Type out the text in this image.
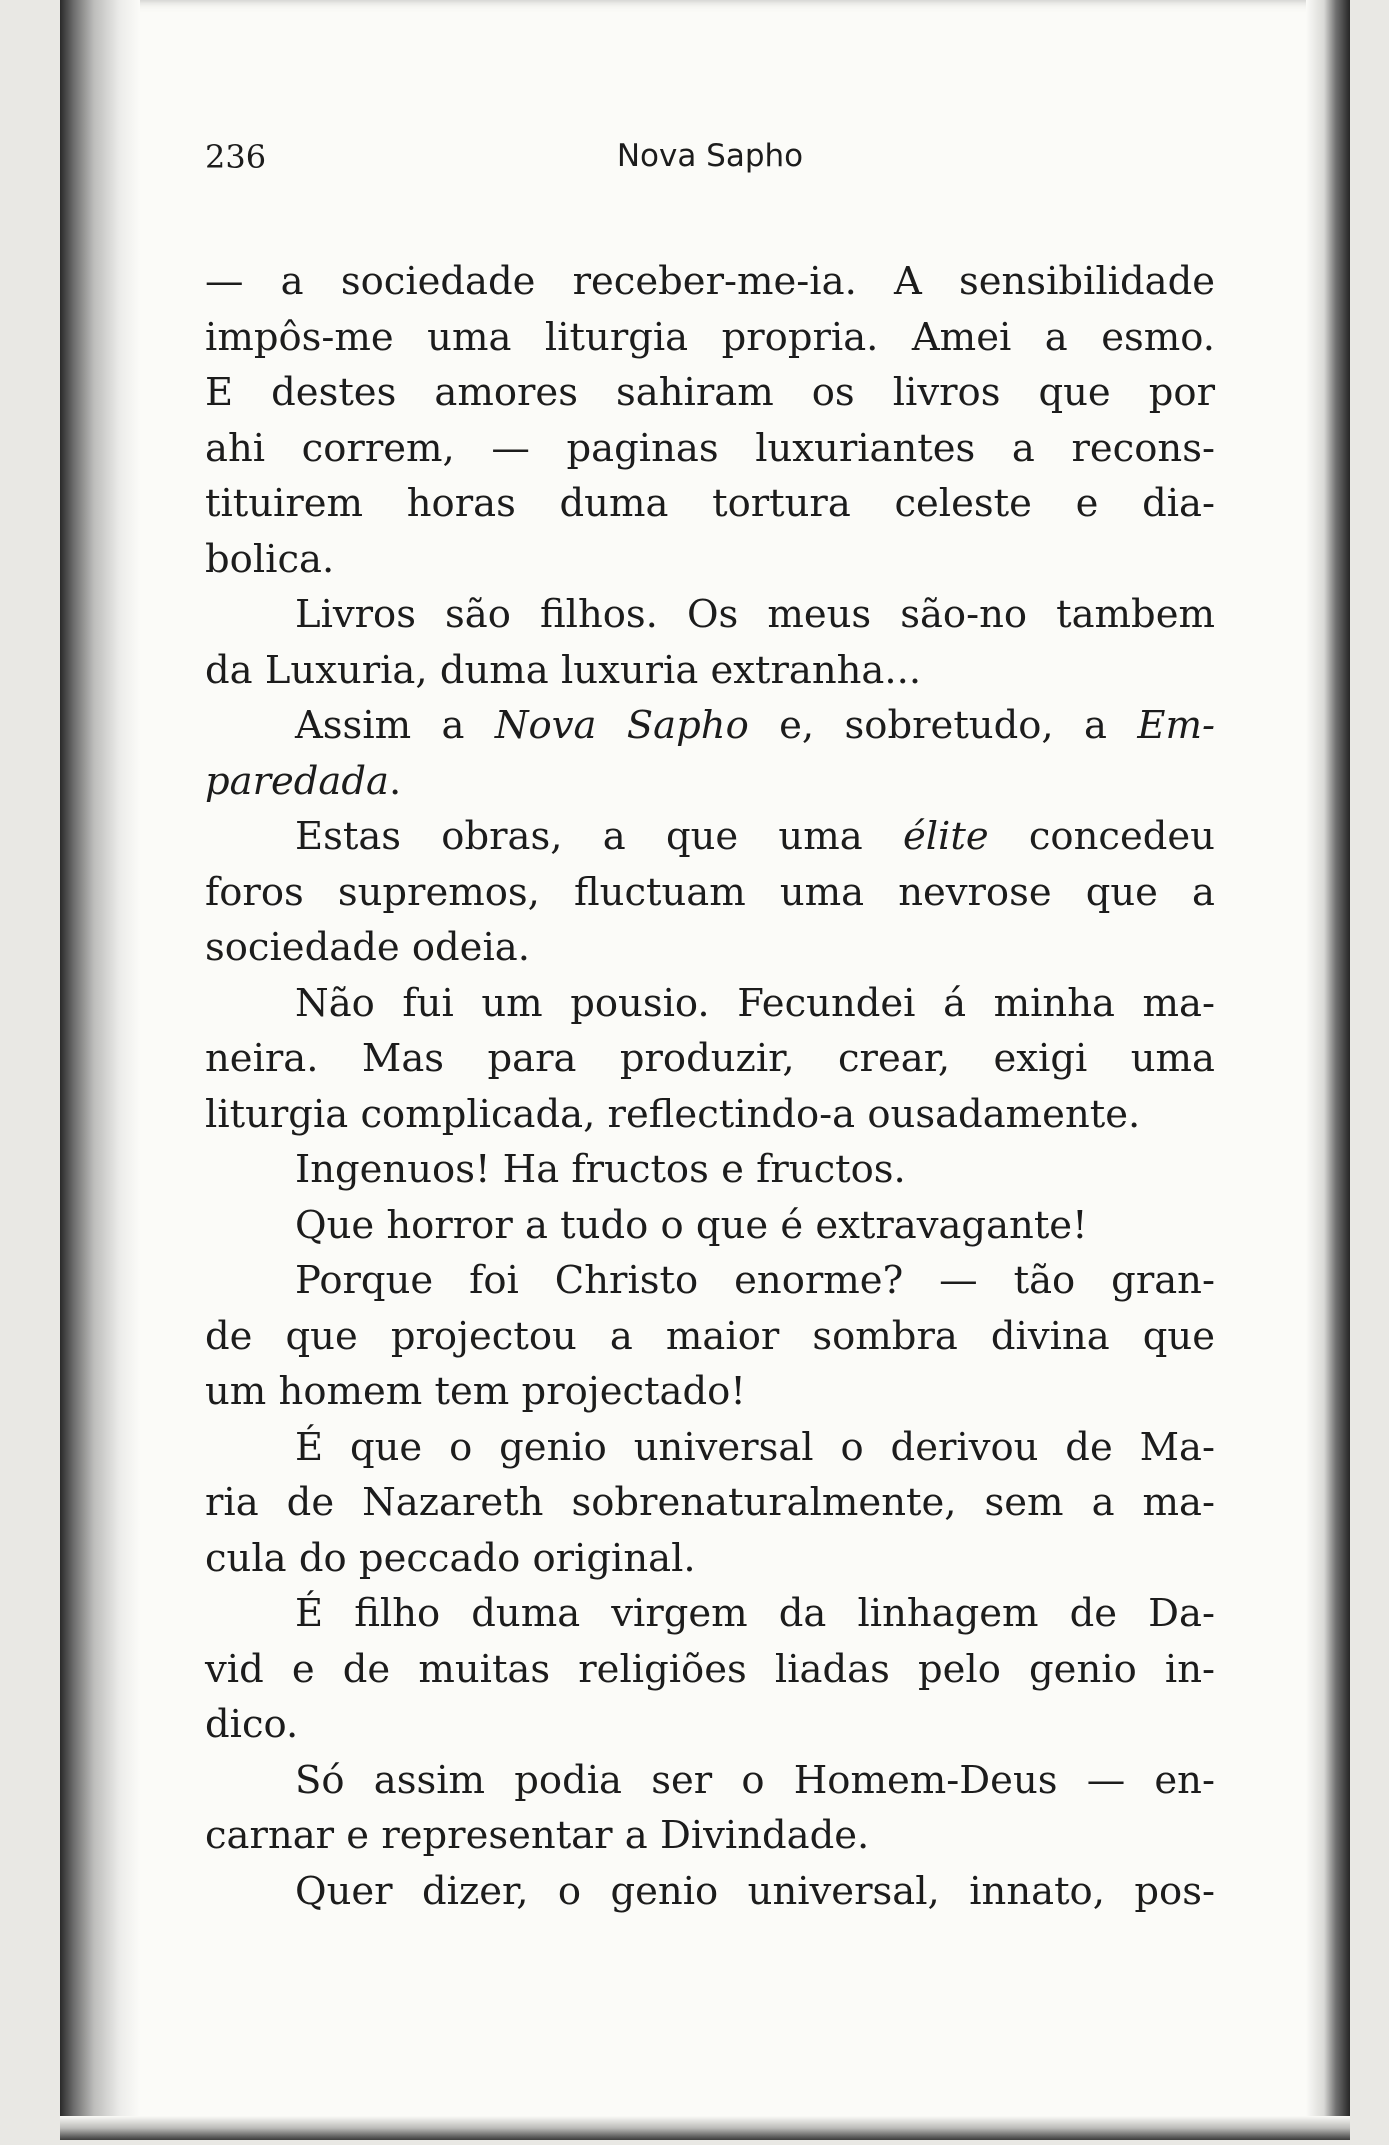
236	Nova Sapho
— a sociedade receber-me-ia. A sensibilidade
impôs-me uma liturgia propria. Amei a esmo.
E destes amores sahiram os livros que por
ahi correm, — paginas luxuriantes a recons-
tituirem horas duma tortura celeste e dia-
bolica.
Livros são filhos. Os meus são-no tambem
da Luxuria, duma luxuria extranha...
Assim a Nova Sapho e, sobretudo, a Em-
paredada.
Estas obras, a que uma élite concedeu
foros supremos, fluctuam uma nevrose que a
sociedade odeia.
Não fui um pousio. Fecundei á minha ma-
neira. Mas para produzir, crear, exigi uma
liturgia complicada, reflectindo-a ousadamente.
Ingenuos! Ha fructos e fructos.
Que horror a tudo o que é extravagante!
Porque foi Christo enorme? — tão gran-
de que projectou a maior sombra divina que
um homem tem projectado!
É que o genio universal o derivou de Ma-
ria de Nazareth sobrenaturalmente, sem a ma-
cula do peccado original.
É filho duma virgem da linhagem de Da-
vid e de muitas religiões liadas pelo genio in-
dico.
Só assim podia ser o Homem-Deus — en-
carnar e representar a Divindade.
Quer dizer, o genio universal, innato, pos-
